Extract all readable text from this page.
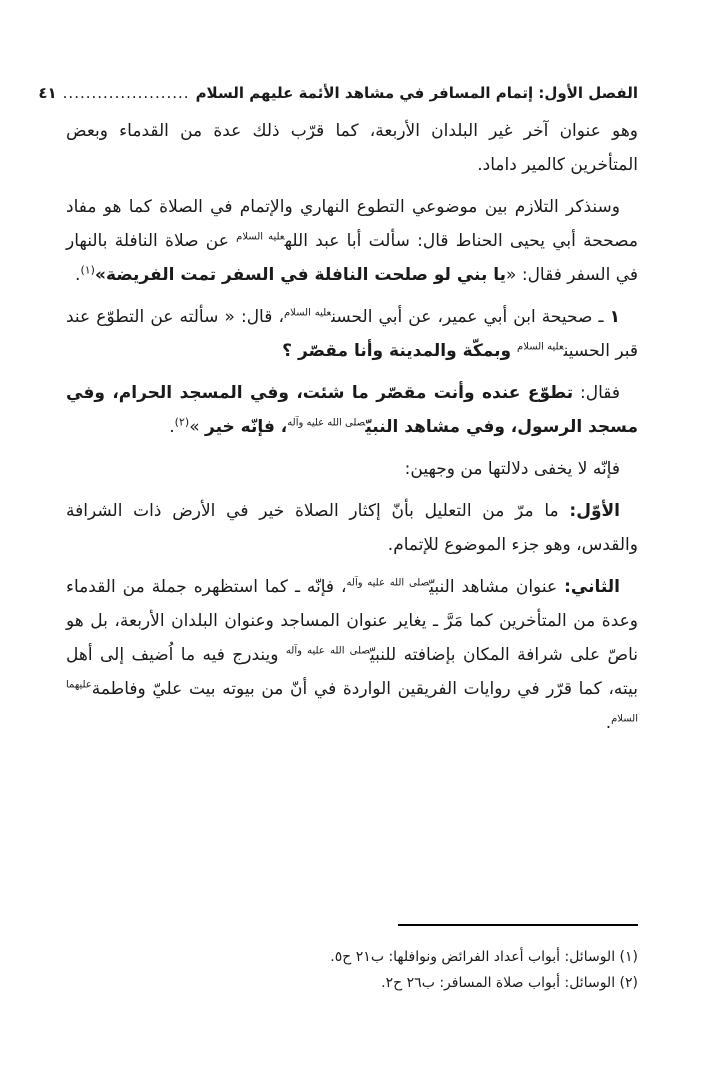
الفصل الأول: إتمام المسافر في مشاهد الأئمة عليهم السلام
......................
٤١

وهو عنوان آخر غير البلدان الأربعة، كما قرّب ذلك عدة من القدماء وبعض المتأخرين كالمير داماد.

وسنذكر التلازم بين موضوعي التطوع النهاري والإتمام في الصلاة كما هو مفاد مصححة أبي يحيى الحناط قال: سألت أبا عبد الله$^{عليه السلام}$ عن صلاة النافلة بالنهار في السفر فقال: «يا بني لو صلحت النافلة في السفر تمت الفريضة»$^{(١)}$.

١ ـ صحيحة ابن أبي عمير، عن أبي الحسن$^{عليه السلام}$، قال: « سألته عن التطوّع عند قبر الحسين$^{عليه السلام}$ وبمكّة والمدينة وأنا مقصّر ؟

فقال: تطوّع عنده وأنت مقصّر ما شئت، وفي المسجد الحرام، وفي مسجد الرسول، وفي مشاهد النبيّ$^{صلى الله عليه وآله}$، فإنّه خير »$^{(٢)}$.

فإنّه لا يخفى دلالتها من وجهين:

الأوّل: ما مرّ من التعليل بأنّ إكثار الصلاة خير في الأرض ذات الشرافة والقدس، وهو جزء الموضوع للإتمام.

الثاني: عنوان مشاهد النبيّ$^{صلى الله عليه وآله}$، فإنّه ـ كما استظهره جملة من القدماء وعدة من المتأخرين كما مَرَّ ـ يغاير عنوان المساجد وعنوان البلدان الأربعة، بل هو ناصّ على شرافة المكان بإضافته للنبيّ$^{صلى الله عليه وآله}$ ويندرج فيه ما اُضيف إلى أهل بيته، كما قرّر في روايات الفريقين الواردة في أنّ من بيوته بيت عليّ وفاطمة$^{عليهما السلام}$.

(١) الوسائل: أبواب أعداد الفرائض ونوافلها: ب٢١ ح٥.
(٢) الوسائل: أبواب صلاة المسافر: ب٢٦ ح٢.
